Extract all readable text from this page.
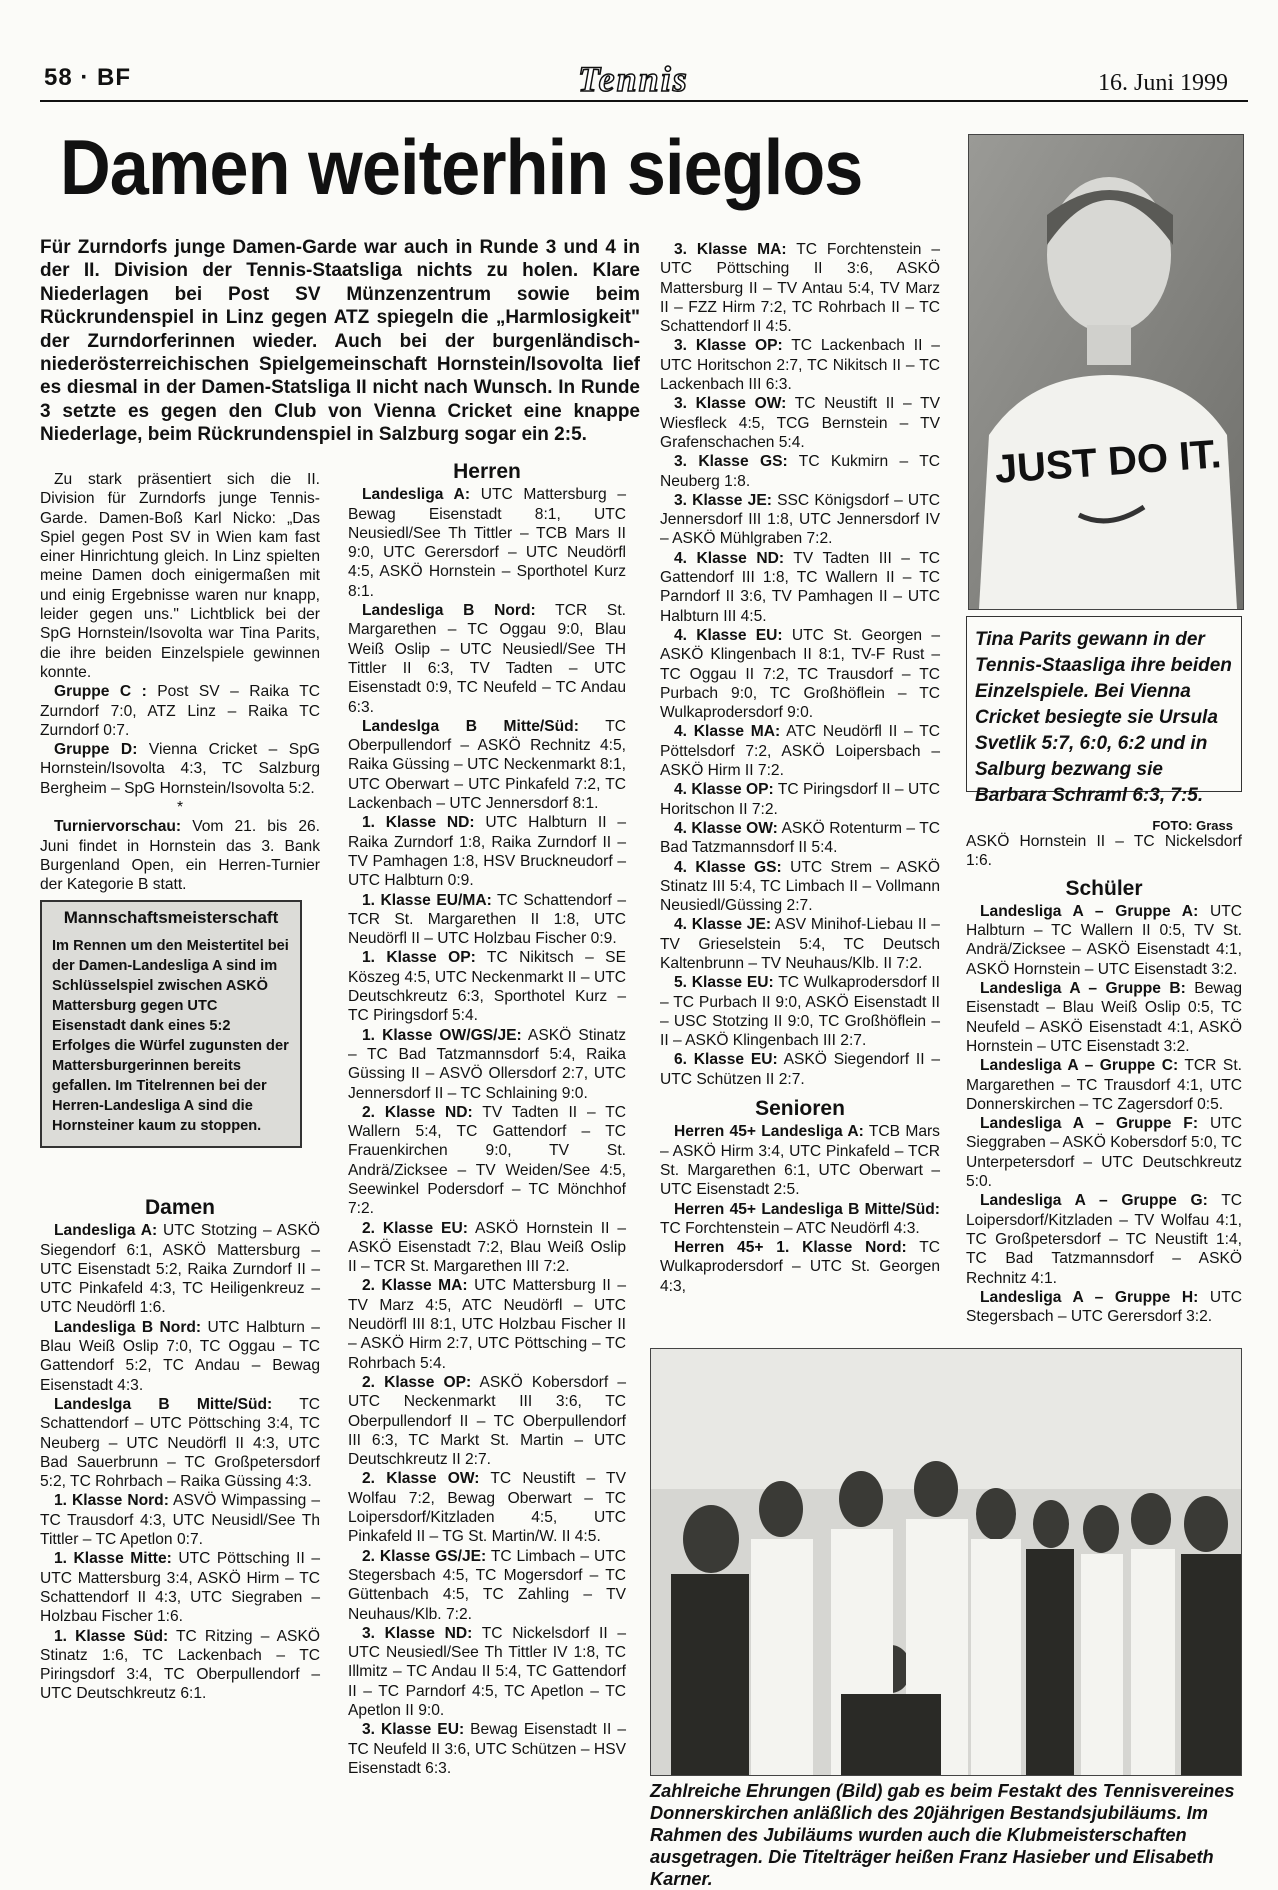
58 · BF	Tennis	16. Juni 1999
Damen weiterhin sieglos
Für Zurndorfs junge Damen-Garde war auch in Runde 3 und 4 in der II. Division der Tennis-Staatsliga nichts zu holen. Klare Niederlagen bei Post SV Münzenzentrum sowie beim Rückrundenspiel in Linz gegen ATZ spiegeln die „Harmlosigkeit" der Zurndorferinnen wieder. Auch bei der burgenländisch-niederösterreichischen Spielgemeinschaft Hornstein/Isovolta lief es diesmal in der Damen-Statsliga II nicht nach Wunsch. In Runde 3 setzte es gegen den Club von Vienna Cricket eine knappe Niederlage, beim Rückrundenspiel in Salzburg sogar ein 2:5.

Zu stark präsentiert sich die II. Division für Zurndorfs junge Tennis-Garde. Damen-Boß Karl Nicko: „Das Spiel gegen Post SV in Wien kam fast einer Hinrichtung gleich. In Linz spielten meine Damen doch einigermaßen mit und einig Ergebnisse waren nur knapp, leider gegen uns." Lichtblick bei der SpG Hornstein/Isovolta war Tina Parits, die ihre beiden Einzelspiele gewinnen konnte.

Gruppe C : Post SV – Raika TC Zurndorf 7:0, ATZ Linz – Raika TC Zurndorf 0:7.

Gruppe D: Vienna Cricket – SpG Hornstein/Isovolta 4:3, TC Salzburg Bergheim – SpG Hornstein/Isovolta 5:2.

*

Turniervorschau: Vom 21. bis 26. Juni findet in Hornstein das 3. Bank Burgenland Open, ein Herren-Turnier der Kategorie B statt.

Mannschaftsmeisterschaft
Im Rennen um den Meistertitel bei der Damen-Landesliga A sind im Schlüsselspiel zwischen ASKÖ Mattersburg gegen UTC Eisenstadt dank eines 5:2 Erfolges die Würfel zugunsten der Mattersburgerinnen bereits gefallen. Im Titelrennen bei der Herren-Landesliga A sind die Hornsteiner kaum zu stoppen.
Damen

Landesliga A: UTC Stotzing – ASKÖ Siegendorf 6:1, ASKÖ Mattersburg – UTC Eisenstadt 5:2, Raika Zurndorf II – UTC Pinkafeld 4:3, TC Heiligenkreuz – UTC Neudörfl 1:6.

Landesliga B Nord: UTC Halbturn – Blau Weiß Oslip 7:0, TC Oggau – TC Gattendorf 5:2, TC Andau – Bewag Eisenstadt 4:3.

Landeslga B Mitte/Süd: TC Schattendorf – UTC Pöttsching 3:4, TC Neuberg – UTC Neudörfl II 4:3, UTC Bad Sauerbrunn – TC Großpetersdorf 5:2, TC Rohrbach – Raika Güssing 4:3.

1. Klasse Nord: ASVÖ Wimpassing – TC Trausdorf 4:3, UTC Neusidl/See Th Tittler – TC Apetlon 0:7.

1. Klasse Mitte: UTC Pöttsching II – UTC Mattersburg 3:4, ASKÖ Hirm – TC Schattendorf II 4:3, UTC Siegraben – Holzbau Fischer 1:6.

1. Klasse Süd: TC Ritzing – ASKÖ Stinatz 1:6, TC Lackenbach – TC Piringsdorf 3:4, TC Oberpullendorf – UTC Deutschkreutz 6:1.

Herren

Landesliga A: UTC Mattersburg – Bewag Eisenstadt 8:1, UTC Neusiedl/See Th Tittler – TCB Mars II 9:0, UTC Gerersdorf – UTC Neudörfl 4:5, ASKÖ Hornstein – Sporthotel Kurz 8:1.

Landesliga B Nord: TCR St. Margarethen – TC Oggau 9:0, Blau Weiß Oslip – UTC Neusiedl/See TH Tittler II 6:3, TV Tadten – UTC Eisenstadt 0:9, TC Neufeld – TC Andau 6:3.

Landeslga B Mitte/Süd: TC Oberpullendorf – ASKÖ Rechnitz 4:5, Raika Güssing – UTC Neckenmarkt 8:1, UTC Oberwart – UTC Pinkafeld 7:2, TC Lackenbach – UTC Jennersdorf 8:1.

1. Klasse ND: UTC Halbturn II – Raika Zurndorf 1:8, Raika Zurndorf II – TV Pamhagen 1:8, HSV Bruckneudorf – UTC Halbturn 0:9.

1. Klasse EU/MA: TC Schattendorf – TCR St. Margarethen II 1:8, UTC Neudörfl II – UTC Holzbau Fischer 0:9.

1. Klasse OP: TC Nikitsch – SE Köszeg 4:5, UTC Neckenmarkt II – UTC Deutschkreutz 6:3, Sporthotel Kurz – TC Piringsdorf 5:4.

1. Klasse OW/GS/JE: ASKÖ Stinatz – TC Bad Tatzmannsdorf 5:4, Raika Güssing II – ASVÖ Ollersdorf 2:7, UTC Jennersdorf II – TC Schlaining 9:0.

2. Klasse ND: TV Tadten II – TC Wallern 5:4, TC Gattendorf – TC Frauenkirchen 9:0, TV St. Andrä/Zicksee – TV Weiden/See 4:5, Seewinkel Podersdorf – TC Mönchhof 7:2.

2. Klasse EU: ASKÖ Hornstein II – ASKÖ Eisenstadt 7:2, Blau Weiß Oslip II – TCR St. Margarethen III 7:2.

2. Klasse MA: UTC Mattersburg II – TV Marz 4:5, ATC Neudörfl – UTC Neudörfl III 8:1, UTC Holzbau Fischer II – ASKÖ Hirm 2:7, UTC Pöttsching – TC Rohrbach 5:4.

2. Klasse OP: ASKÖ Kobersdorf – UTC Neckenmarkt III 3:6, TC Oberpullendorf II – TC Oberpullendorf III 6:3, TC Markt St. Martin – UTC Deutschkreutz II 2:7.

2. Klasse OW: TC Neustift – TV Wolfau 7:2, Bewag Oberwart – TC Loipersdorf/Kitzladen 4:5, UTC Pinkafeld II – TG St. Martin/W. II 4:5.

2. Klasse GS/JE: TC Limbach – UTC Stegersbach 4:5, TC Mogersdorf – TC Güttenbach 4:5, TC Zahling – TV Neuhaus/Klb. 7:2.

3. Klasse ND: TC Nickelsdorf II – UTC Neusiedl/See Th Tittler IV 1:8, TC Illmitz – TC Andau II 5:4, TC Gattendorf II – TC Parndorf 4:5, TC Apetlon – TC Apetlon II 9:0.

3. Klasse EU: Bewag Eisenstadt II – TC Neufeld II 3:6, UTC Schützen – HSV Eisenstadt 6:3.

3. Klasse MA: TC Forchtenstein – UTC Pöttsching II 3:6, ASKÖ Mattersburg II – TV Antau 5:4, TV Marz II – FZZ Hirm 7:2, TC Rohrbach II – TC Schattendorf II 4:5.

3. Klasse OP: TC Lackenbach II – UTC Horitschon 2:7, TC Nikitsch II – TC Lackenbach III 6:3.

3. Klasse OW: TC Neustift II – TV Wiesfleck 4:5, TCG Bernstein – TV Grafenschachen 5:4.

3. Klasse GS: TC Kukmirn – TC Neuberg 1:8.

3. Klasse JE: SSC Königsdorf – UTC Jennersdorf III 1:8, UTC Jennersdorf IV – ASKÖ Mühlgraben 7:2.

4. Klasse ND: TV Tadten III – TC Gattendorf III 1:8, TC Wallern II – TC Parndorf II 3:6, TV Pamhagen II – UTC Halbturn III 4:5.

4. Klasse EU: UTC St. Georgen – ASKÖ Klingenbach II 8:1, TV-F Rust – TC Oggau II 7:2, TC Trausdorf – TC Purbach 9:0, TC Großhöflein – TC Wulkaprodersdorf 9:0.

4. Klasse MA: ATC Neudörfl II – TC Pöttelsdorf 7:2, ASKÖ Loipersbach – ASKÖ Hirm II 7:2.

4. Klasse OP: TC Piringsdorf II – UTC Horitschon II 7:2.

4. Klasse OW: ASKÖ Rotenturm – TC Bad Tatzmannsdorf II 5:4.

4. Klasse GS: UTC Strem – ASKÖ Stinatz III 5:4, TC Limbach II – Vollmann Neusiedl/Güssing 2:7.

4. Klasse JE: ASV Minihof-Liebau II – TV Grieselstein 5:4, TC Deutsch Kaltenbrunn – TV Neuhaus/Klb. II 7:2.

5. Klasse EU: TC Wulkaprodersdorf II – TC Purbach II 9:0, ASKÖ Eisenstadt II – USC Stotzing II 9:0, TC Großhöflein – II – ASKÖ Klingenbach III 2:7.

6. Klasse EU: ASKÖ Siegendorf II – UTC Schützen II 2:7.

Senioren

Herren 45+ Landesliga A: TCB Mars – ASKÖ Hirm 3:4, UTC Pinkafeld – TCR St. Margarethen 6:1, UTC Oberwart – UTC Eisenstadt 2:5.

Herren 45+ Landesliga B Mitte/Süd: TC Forchtenstein – ATC Neudörfl 4:3.

Herren 45+ 1. Klasse Nord: TC Wulkaprodersdorf – UTC St. Georgen 4:3,

JUST DO IT.
Tina Parits gewann in der Tennis-Staasliga ihre beiden Einzelspiele. Bei Vienna Cricket besiegte sie Ursula Svetlik 5:7, 6:0, 6:2 und in Salburg bezwang sie Barbara Schraml 6:3, 7:5.
FOTO: Grass

ASKÖ Hornstein II – TC Nickelsdorf 1:6.

Schüler

Landesliga A – Gruppe A: UTC Halbturn – TC Wallern II 0:5, TV St. Andrä/Zicksee – ASKÖ Eisenstadt 4:1, ASKÖ Hornstein – UTC Eisenstadt 3:2.

Landesliga A – Gruppe B: Bewag Eisenstadt – Blau Weiß Oslip 0:5, TC Neufeld – ASKÖ Eisenstadt 4:1, ASKÖ Hornstein – UTC Eisenstadt 3:2.

Landesliga A – Gruppe C: TCR St. Margarethen – TC Trausdorf 4:1, UTC Donnerskirchen – TC Zagersdorf 0:5.

Landesliga A – Gruppe F: UTC Sieggraben – ASKÖ Kobersdorf 5:0, TC Unterpetersdorf – UTC Deutschkreutz 5:0.

Landesliga A – Gruppe G: TC Loipersdorf/Kitzladen – TV Wolfau 4:1, TC Großpetersdorf – TC Neustift 1:4, TC Bad Tatzmannsdorf – ASKÖ Rechnitz 4:1.

Landesliga A – Gruppe H: UTC Stegersbach – UTC Gerersdorf 3:2.

Zahlreiche Ehrungen (Bild) gab es beim Festakt des Tennisvereines Donnerskirchen anläßlich des 20jährigen Bestandsjubiläums. Im Rahmen des Jubiläums wurden auch die Klubmeisterschaften ausgetragen. Die Titelträger heißen Franz Hasieber und Elisabeth Karner.
